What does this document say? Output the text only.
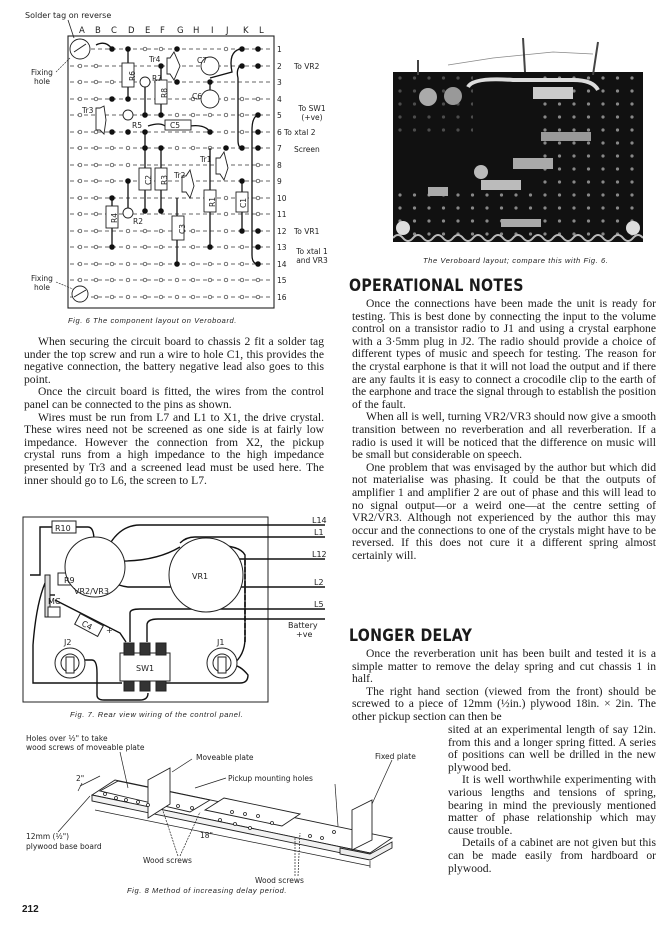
Solder tag on reverse
Fixing hole
Fixing hole
A B C D E F G H I J K L
R6
R8
C5
C2 R3
R4
C3
R1	C1
Tr4
R7
C7
C6
Tr3
R5
Tr1
Tr2
R2
1
2
3
4
5
6
7
8
9
10
11
12
13
14
15
16
To VR2
To SW1 (+ve)
To xtal 2
Screen
To VR1
To xtal 1 and VR3
Fig. 6 The component layout on Veroboard.

When securing the circuit board to chassis 2 fit a solder tag under the top screw and run a wire to hole C1, this provides the negative connection, the battery negative lead also goes to this point.

Once the circuit board is fitted, the wires from the control panel can be connected to the pins as shown.

Wires must be run from L7 and L1 to X1, the drive crystal. These wires need not be screened as one side is at fairly low impedance. However the connection from X2, the pickup crystal runs from a high impedance to the high impedance presented by Tr3 and a screened lead must be used here. The inner should go to L6, the screen to L7.

R10
R9
VR2/VR3
VR1
MC
C4 +
J2	J1
SW1
L14
L1
L12
L2
L5
Battery
+ve
Fig. 7. Rear view wiring of the control panel.
Holes over ½" to take
wood screws of moveable plate
Moveable plate
Pickup mounting holes
Fixed plate
2"
12mm (½")
plywood base board
18"
Wood screws
Wood screws
Fig. 8 Method of increasing delay period.
212
The Veroboard layout; compare this with Fig. 6.
OPERATIONAL NOTES

Once the connections have been made the unit is ready for testing. This is best done by connecting the input to the volume control on a transistor radio to J1 and using a crystal earphone with a 3·5mm plug in J2. The radio should provide a choice of different types of music and speech for testing. The reason for the crystal earphone is that it will not load the output and if there are any faults it is easy to connect a crocodile clip to the earth of the earphone and trace the signal through to establish the position of the fault.

When all is well, turning VR2/VR3 should now give a smooth transition between no reverberation and all reverberation. If a radio is used it will be noticed that the difference on music will be small but considerable on speech.

One problem that was envisaged by the author but which did not materialise was phasing. It could be that the outputs of amplifier 1 and amplifier 2 are out of phase and this will lead to no signal output—or a weird one—at the centre setting of VR2/VR3. Although not experienced by the author this may occur and the connections to one of the crystals might have to be reversed. If this does not cure it a different spring almost certainly will.

LONGER DELAY

Once the reverberation unit has been built and tested it is a simple matter to remove the delay spring and cut chassis 1 in half.

The right hand section (viewed from the front) should be screwed to a piece of 12mm (½in.) plywood 18in. × 2in. The other pickup section can then be

sited at an experimental length of say 12in. from this and a longer spring fitted. A series of positions can well be drilled in the new plywood bed.

It is well worthwhile experimenting with various lengths and tensions of spring, bearing in mind the previously mentioned matter of phase relationship which may cause trouble.

Details of a cabinet are not given but this can be made easily from hardboard or plywood.
